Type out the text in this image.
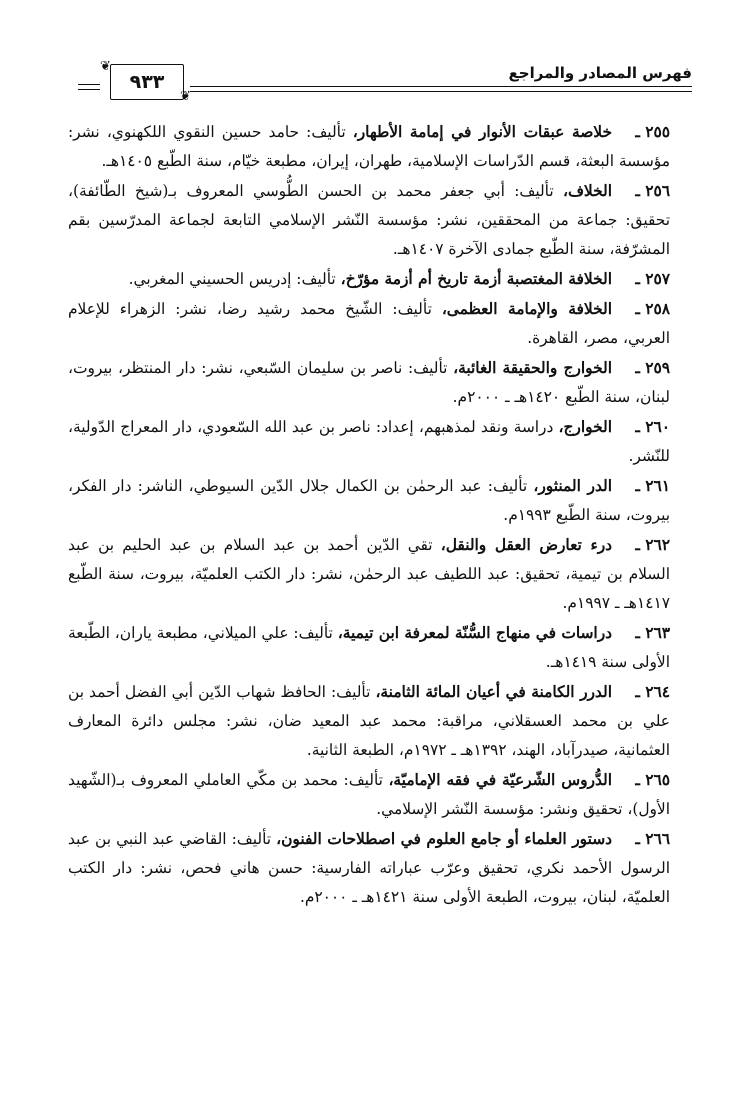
فهرس المصادر والمراجع
٩٣٣
❦
❦
٢٥٥ ـ
خلاصة عبقات الأنوار في إمامة الأطهار، تأليف: حامد حسين النقوي اللكهنوي، نشر: مؤسسة البعثة، قسم الدّراسات الإسلامية، طهران، إيران، مطبعة خيّام، سنة الطّبع ١٤٠٥هـ.
٢٥٦ ـ
الخلاف، تأليف: أبي جعفر محمد بن الحسن الطُّوسي المعروف بـ(شيخ الطّائفة)، تحقيق: جماعة من المحققين، نشر: مؤسسة النّشر الإسلامي التابعة لجماعة المدرّسين بقم المشرّفة، سنة الطّبع جمادى الآخرة ١٤٠٧هـ.
٢٥٧ ـ
الخلافة المغتصبة أزمة تاريخ أم أزمة مؤرّخ، تأليف: إدريس الحسيني المغربي.
٢٥٨ ـ
الخلافة والإمامة العظمى، تأليف: الشّيخ محمد رشيد رضا، نشر: الزهراء للإعلام العربي، مصر، القاهرة.
٢٥٩ ـ
الخوارج والحقيقة الغائبة، تأليف: ناصر بن سليمان السّبعي، نشر: دار المنتظر، بيروت، لبنان، سنة الطّبع ١٤٢٠هـ ـ ٢٠٠٠م.
٢٦٠ ـ
الخوارج، دراسة ونقد لمذهبهم، إعداد: ناصر بن عبد الله السّعودي، دار المعراج الدّولية، للنّشر.
٢٦١ ـ
الدر المنثور، تأليف: عبد الرحمٰن بن الكمال جلال الدّين السيوطي، الناشر: دار الفكر، بيروت، سنة الطّبع ١٩٩٣م.
٢٦٢ ـ
درء تعارض العقل والنقل، تقي الدّين أحمد بن عبد السلام بن عبد الحليم بن عبد السلام بن تيمية، تحقيق: عبد اللطيف عبد الرحمٰن، نشر: دار الكتب العلميّة، بيروت، سنة الطّبع ١٤١٧هـ ـ ١٩٩٧م.
٢٦٣ ـ
دراسات في منهاج السُّنّة لمعرفة ابن تيمية، تأليف: علي الميلاني، مطبعة ياران، الطّبعة الأولى سنة ١٤١٩هـ.
٢٦٤ ـ
الدرر الكامنة في أعيان المائة الثامنة، تأليف: الحافظ شهاب الدّين أبي الفضل أحمد بن علي بن محمد العسقلاني، مراقبة: محمد عبد المعيد ضان، نشر: مجلس دائرة المعارف العثمانية، صيدرآباد، الهند، ١٣٩٢هـ ـ ١٩٧٢م، الطبعة الثانية.
٢٦٥ ـ
الدُّروس الشّرعيّة في فقه الإماميّة، تأليف: محمد بن مكّي العاملي المعروف بـ(الشّهيد الأول)، تحقيق ونشر: مؤسسة النّشر الإسلامي.
٢٦٦ ـ
دستور العلماء أو جامع العلوم في اصطلاحات الفنون، تأليف: القاضي عبد النبي بن عبد الرسول الأحمد نكري، تحقيق وعرّب عباراته الفارسية: حسن هاني فحص، نشر: دار الكتب العلميّة، لبنان، بيروت، الطبعة الأولى سنة ١٤٢١هـ ـ ٢٠٠٠م.
